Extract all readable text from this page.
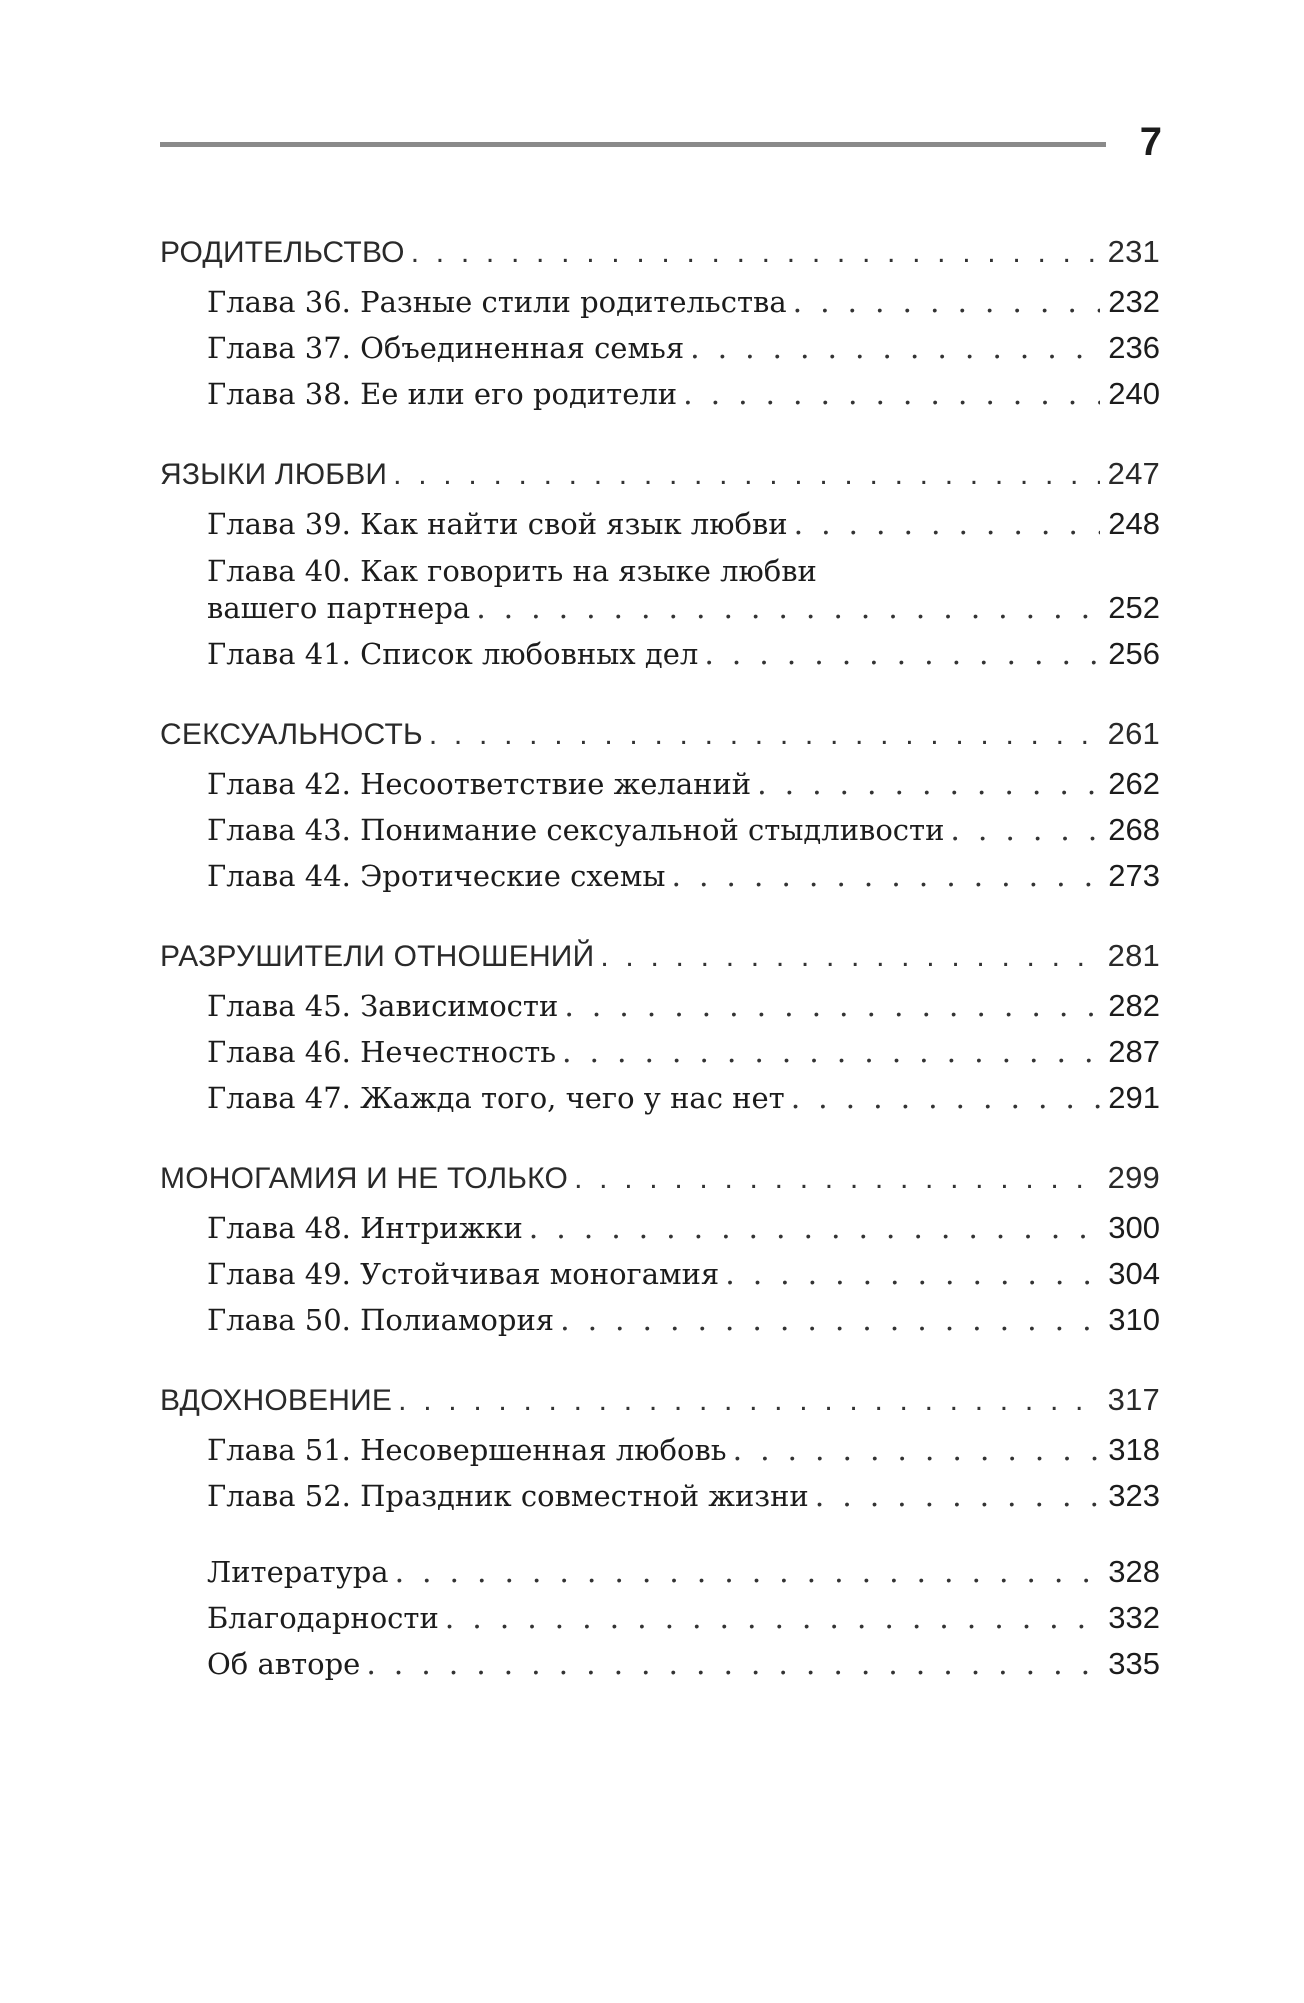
7
РОДИТЕЛЬСТВО . . .	231
Глава 36. Разные стили родительства . . .	232
Глава 37. Объединенная семья . . .	236
Глава 38. Ее или его родители . . .	240
ЯЗЫКИ ЛЮБВИ . . .	247
Глава 39. Как найти свой язык любви . . .	248
Глава 40. Как говорить на языке любви
вашего партнера . . .	252
Глава 41. Список любовных дел . . .	256
СЕКСУАЛЬНОСТЬ . . .	261
Глава 42. Несоответствие желаний . . .	262
Глава 43. Понимание сексуальной стыдливости . . .	268
Глава 44. Эротические схемы . . .	273
РАЗРУШИТЕЛИ ОТНОШЕНИЙ . . .	281
Глава 45. Зависимости . . .	282
Глава 46. Нечестность . . .	287
Глава 47. Жажда того, чего у нас нет . . .	291
МОНОГАМИЯ И НЕ ТОЛЬКО . . .	299
Глава 48. Интрижки . . .	300
Глава 49. Устойчивая моногамия . . .	304
Глава 50. Полиамория . . .	310
ВДОХНОВЕНИЕ . . .	317
Глава 51. Несовершенная любовь . . .	318
Глава 52. Праздник совместной жизни . . .	323
Литература . . .	328
Благодарности . . .	332
Об авторе . . .	335
